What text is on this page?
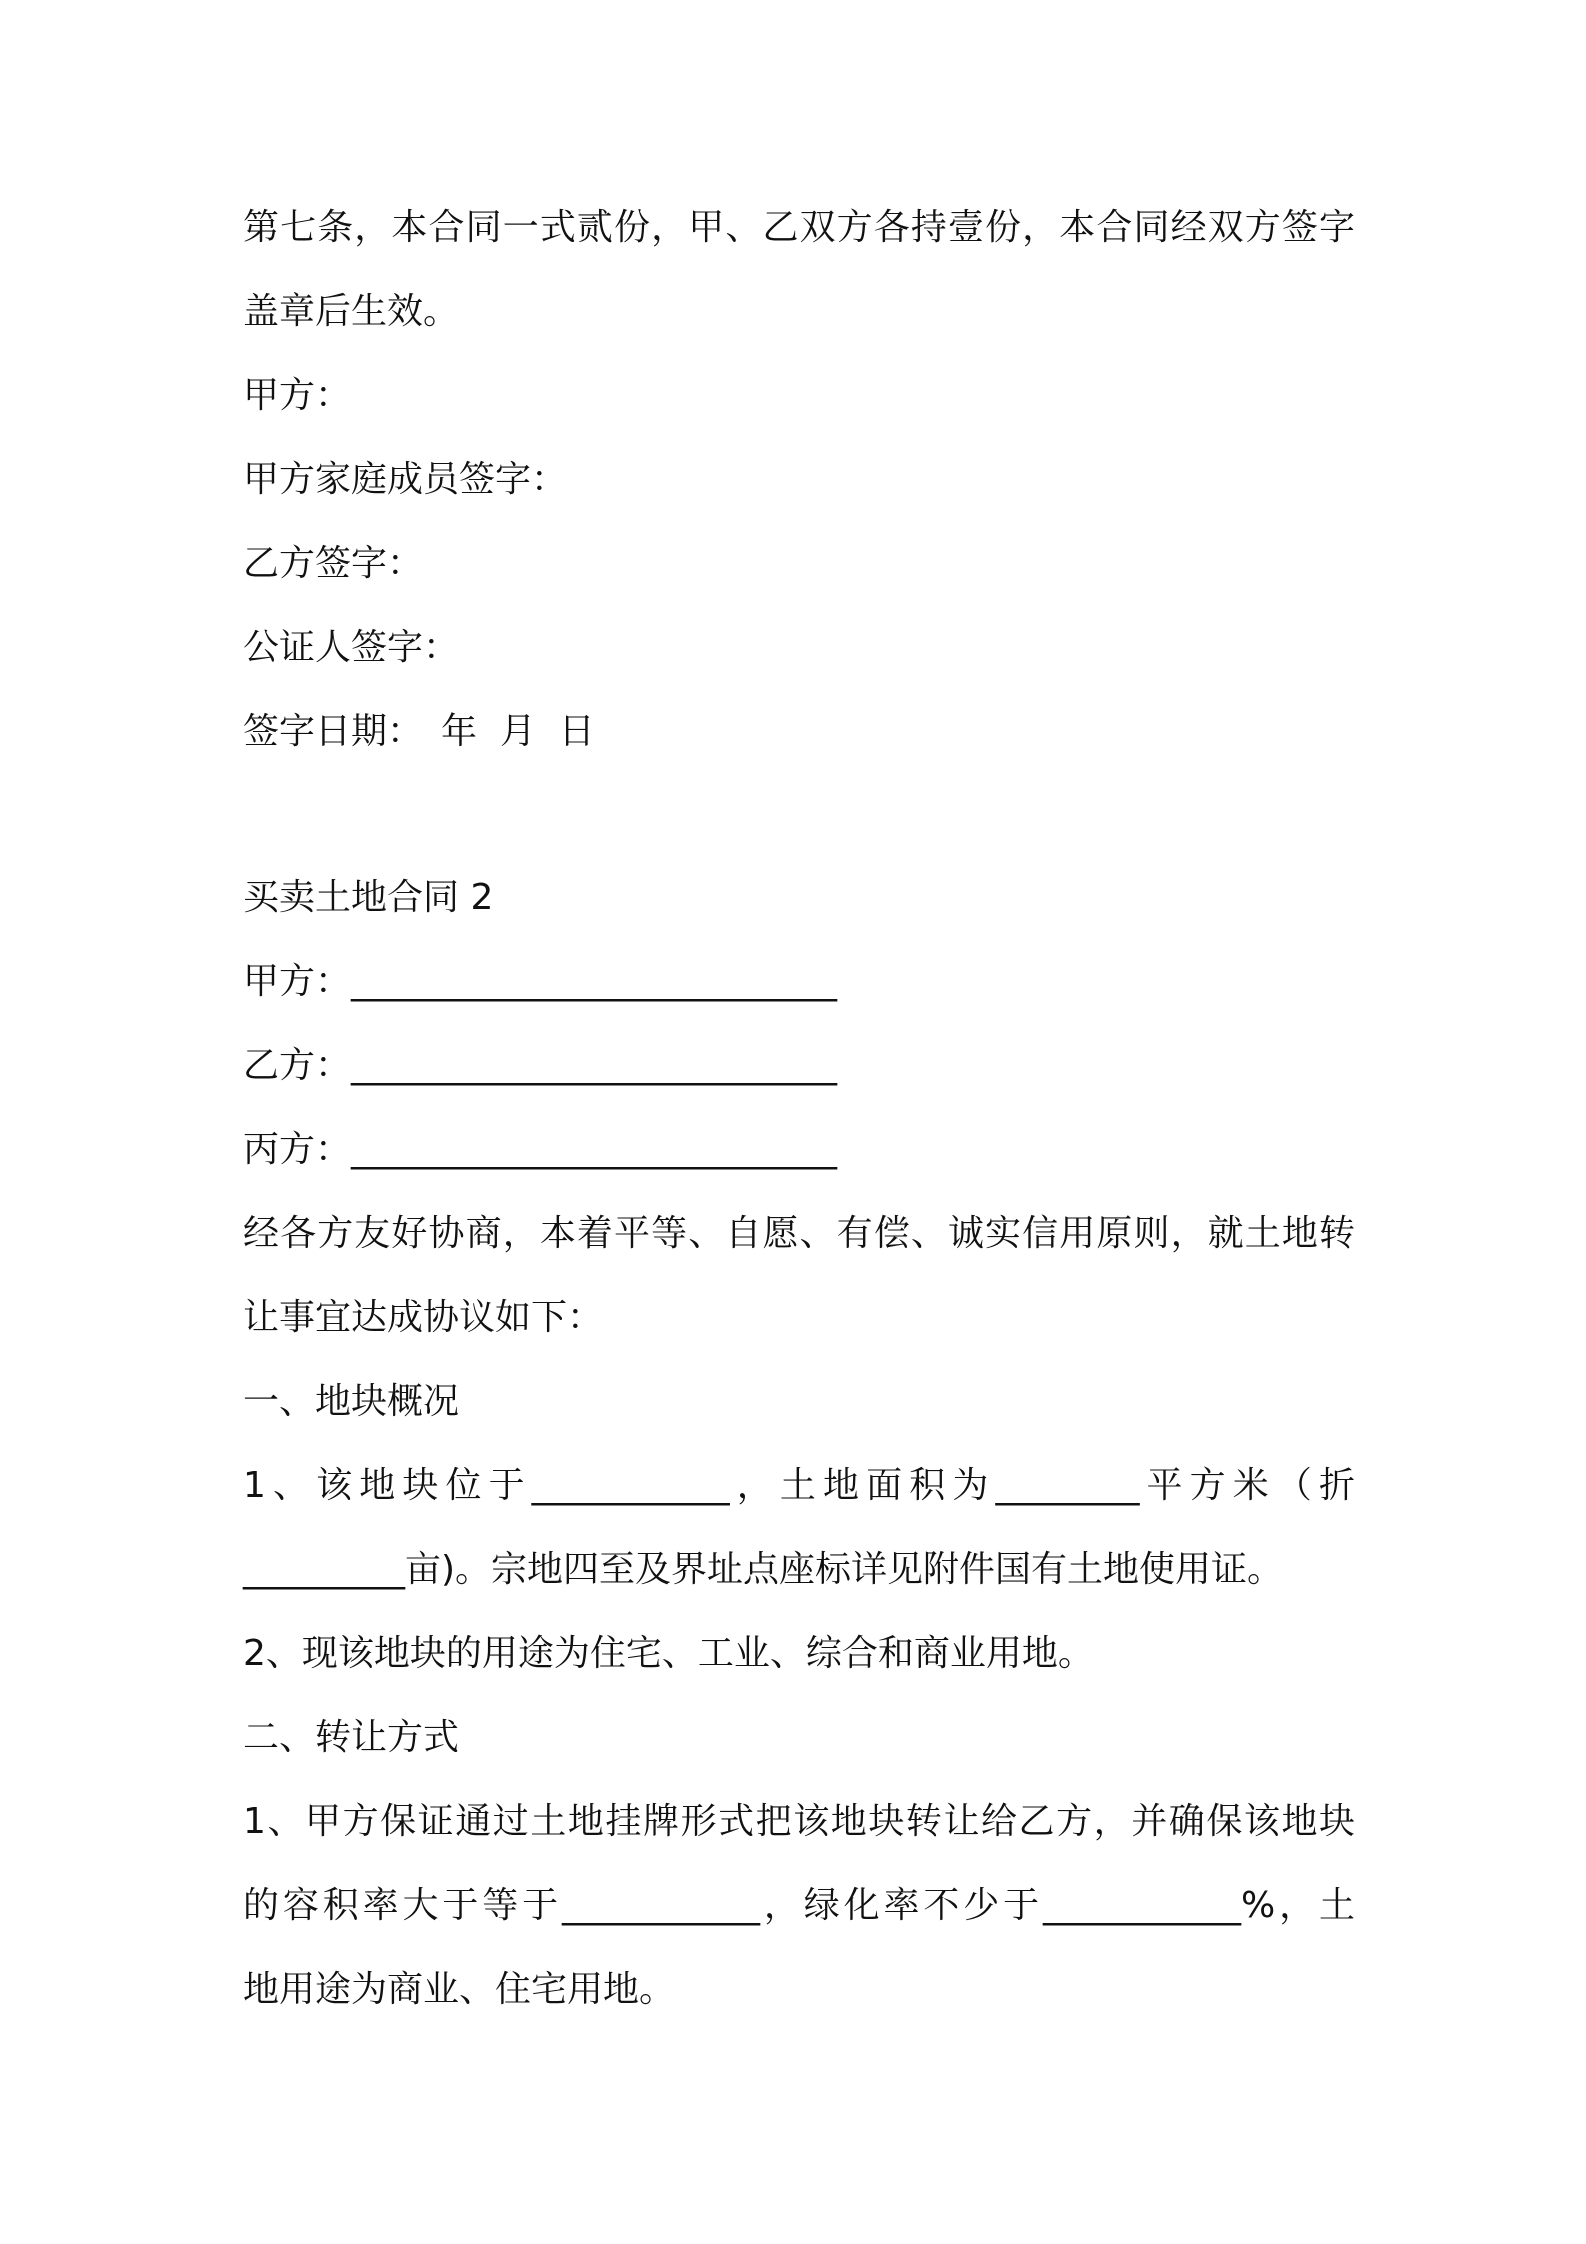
第七条，本合同一式贰份，甲、乙双方各持壹份，本合同经双方签字
盖章后生效。
甲方：
甲方家庭成员签字：
乙方签字：
公证人签字：
签字日期：　年  月  日
买卖土地合同 2
甲方：___________________________
乙方：___________________________
丙方：___________________________
经各方友好协商，本着平等、自愿、有偿、诚实信用原则，就土地转
让事宜达成协议如下：
一、地块概况
1、该地块位于___________，土地面积为________平方米（折
_________亩)。宗地四至及界址点座标详见附件国有土地使用证。
2、现该地块的用途为住宅、工业、综合和商业用地。
二、转让方式
1、甲方保证通过土地挂牌形式把该地块转让给乙方，并确保该地块
的容积率大于等于___________，绿化率不少于___________%，土
地用途为商业、住宅用地。
